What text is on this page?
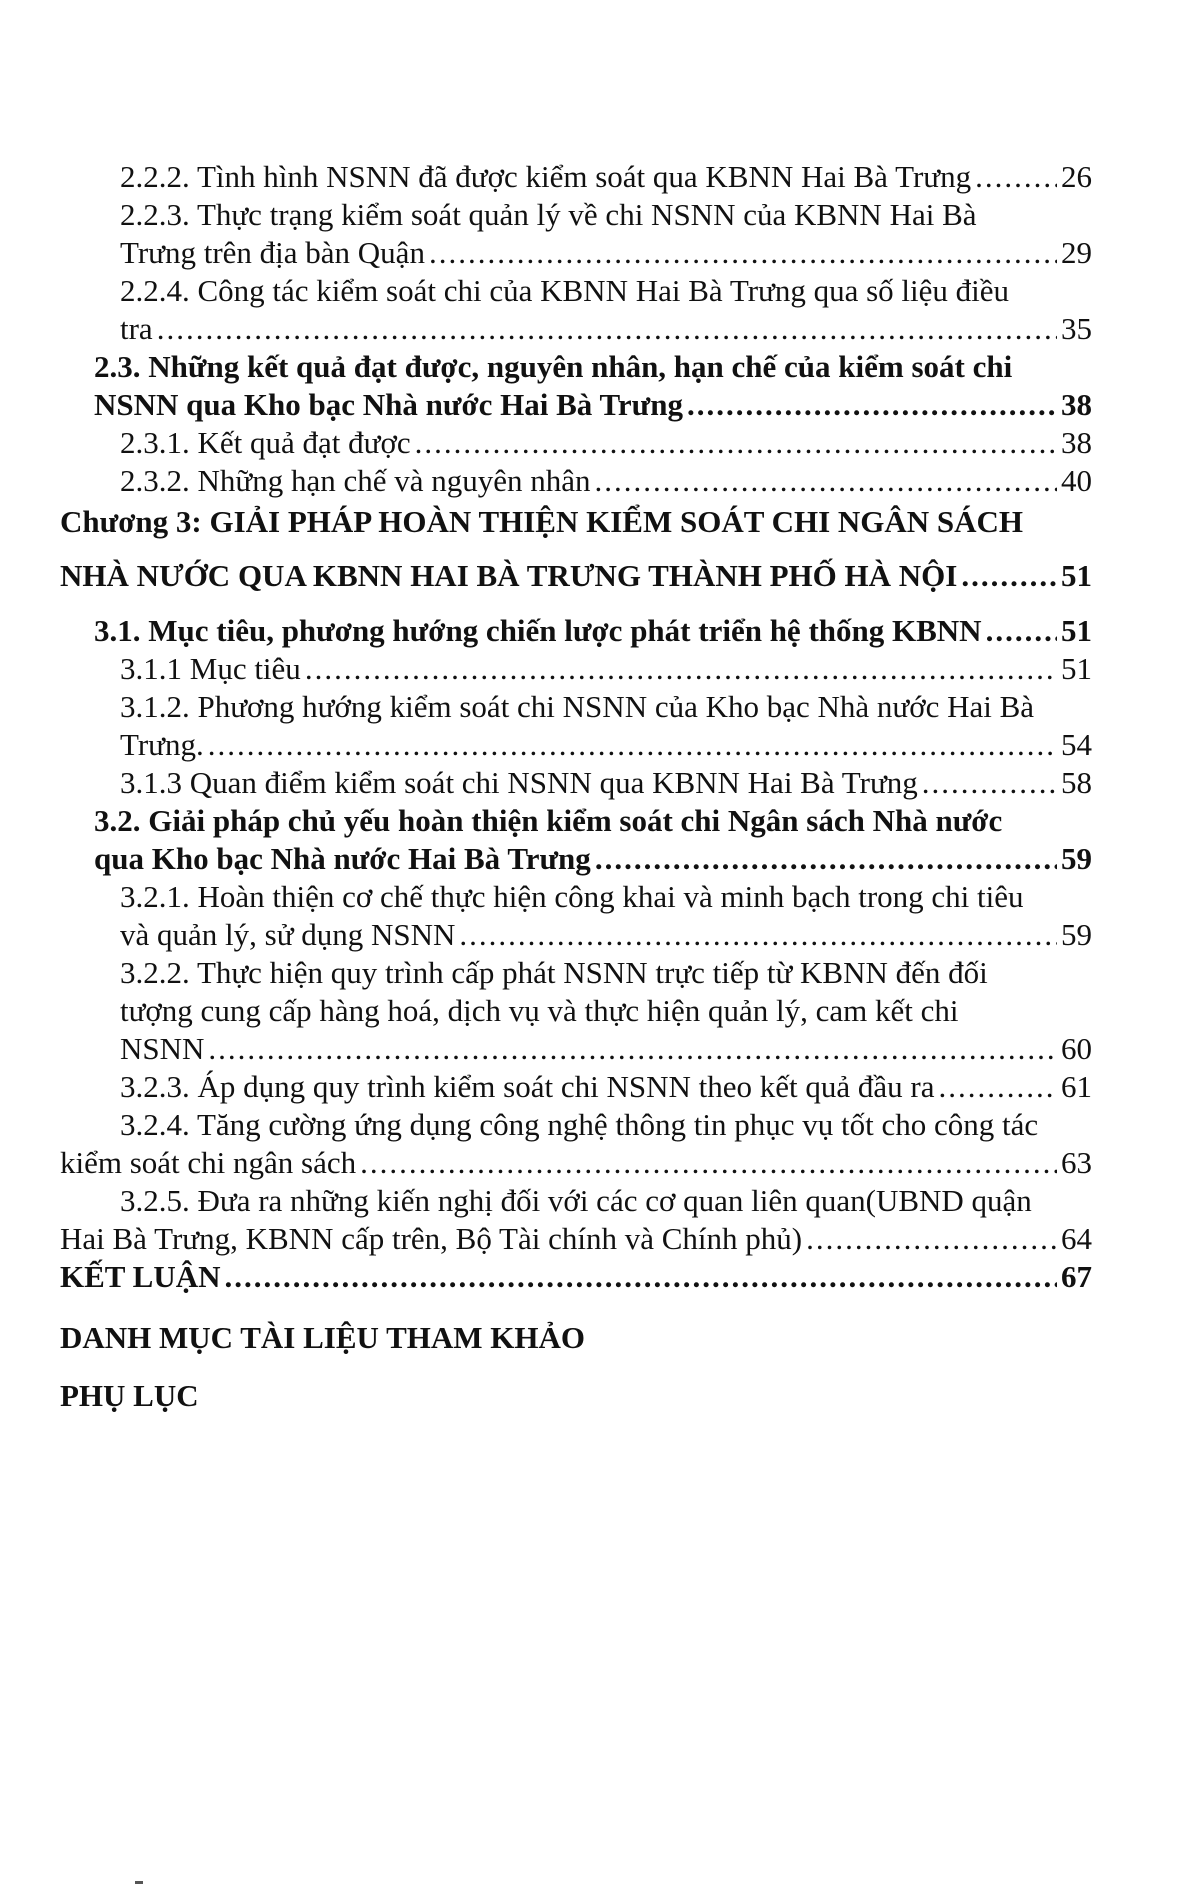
2.2.2. Tình hình NSNN đã được kiểm soát qua KBNN Hai Bà Trưng .....	26
2.2.3. Thực trạng kiểm soát quản lý về chi NSNN của KBNN Hai Bà
Trưng trên địa bàn Quận .....	29
2.2.4. Công tác kiểm soát chi của KBNN Hai Bà Trưng qua số liệu điều
tra .....	35
2.3. Những kết quả đạt được, nguyên nhân, hạn chế của kiểm soát chi
NSNN qua Kho bạc Nhà nước Hai Bà Trưng .....	38
2.3.1. Kết quả đạt được .....	38
2.3.2. Những hạn chế và nguyên nhân .....	40
Chương 3: GIẢI PHÁP HOÀN THIỆN KIỂM SOÁT CHI NGÂN SÁCH
NHÀ NƯỚC QUA KBNN HAI BÀ TRƯNG THÀNH PHỐ HÀ NỘI .....	51
3.1. Mục tiêu, phương hướng chiến lược phát triển hệ thống KBNN .....	51
3.1.1 Mục tiêu .....	51
3.1.2. Phương hướng kiểm soát chi NSNN của Kho bạc Nhà nước Hai Bà
Trưng. .....	54
3.1.3 Quan điểm kiểm soát chi NSNN qua KBNN Hai Bà Trưng .....	58
3.2. Giải pháp chủ yếu hoàn thiện kiểm soát chi Ngân sách Nhà nước
qua Kho bạc Nhà nước Hai Bà Trưng .....	59
3.2.1. Hoàn thiện cơ chế thực hiện công khai và minh bạch trong chi tiêu
và quản lý, sử dụng NSNN .....	59
3.2.2. Thực hiện quy trình cấp phát NSNN trực tiếp từ KBNN đến đối
tượng cung cấp hàng hoá, dịch vụ và thực hiện quản lý, cam kết chi
NSNN .....	60
3.2.3. Áp dụng quy trình kiểm soát chi NSNN theo kết quả đầu ra .....	61
3.2.4. Tăng cường ứng dụng công nghệ thông tin phục vụ tốt cho công tác
kiểm soát chi ngân sách .....	63
3.2.5. Đưa ra những kiến nghị đối với các cơ quan liên quan(UBND quận
Hai Bà Trưng, KBNN cấp trên, Bộ Tài chính và Chính phủ) .....	64
KẾT LUẬN .....	67
DANH MỤC TÀI LIỆU THAM KHẢO
PHỤ LỤC
